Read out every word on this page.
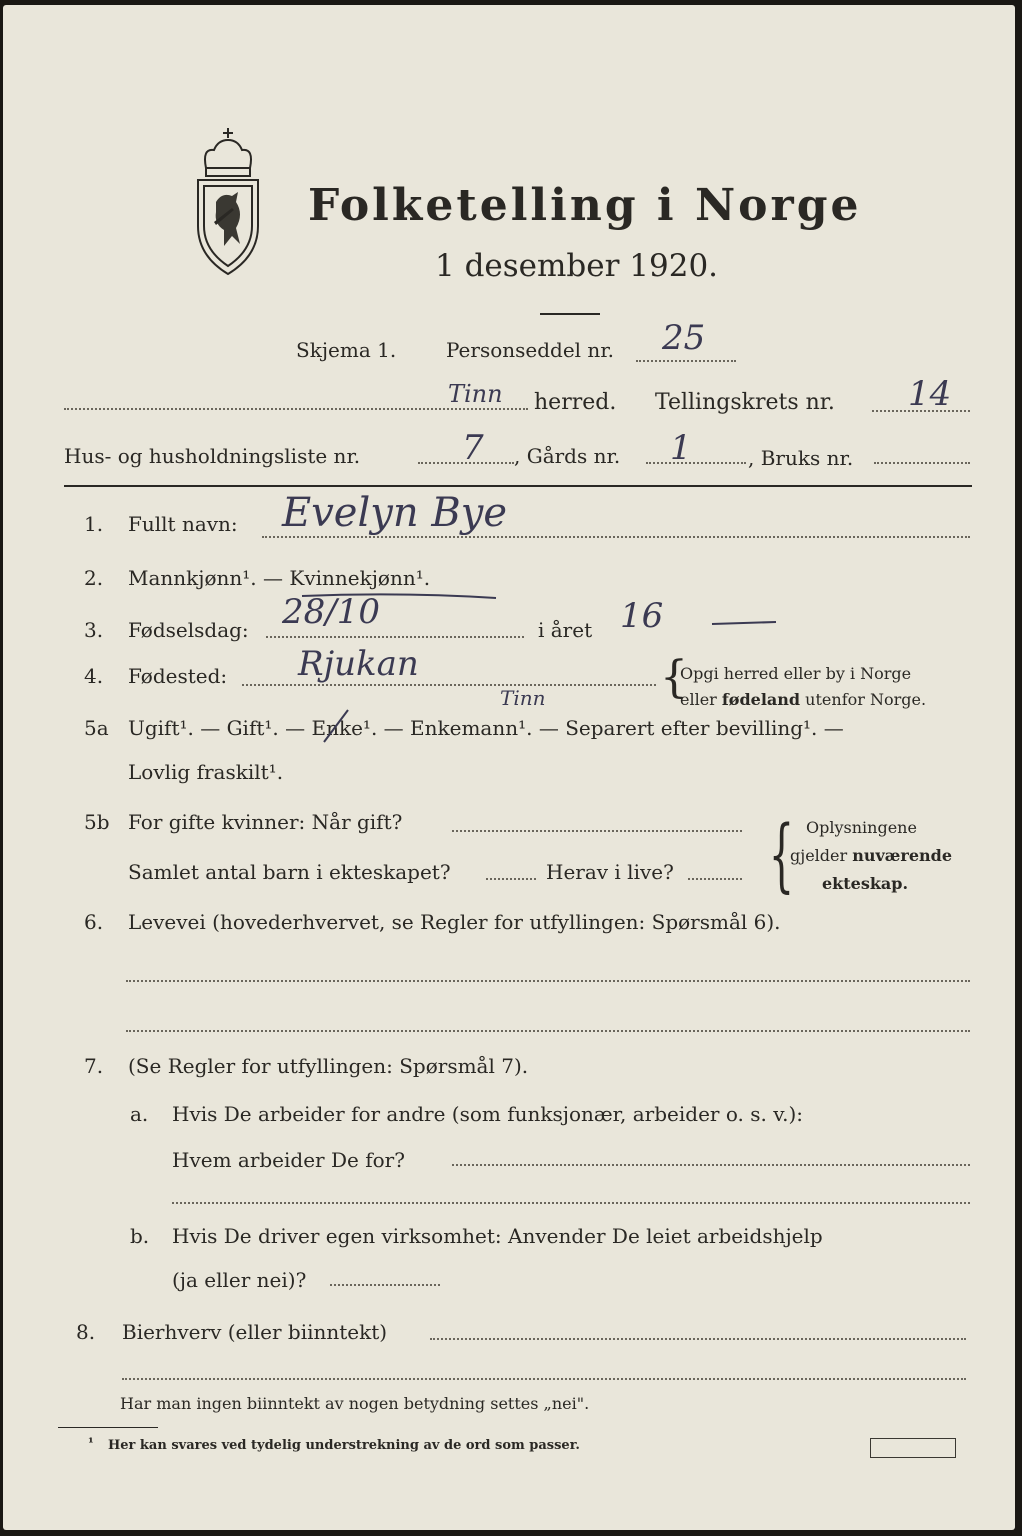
Folketelling i Norge
1 desember 1920.
Skjema 1. Personseddel nr. 25
Tinn herred. Tellingskrets nr. 14
Hus- og husholdningsliste nr.	7 , Gårds nr. 1	, Bruks nr.
1. Fullt navn: Evelyn Bye
2. Mannkjønn¹. — Kvinnekjønn¹.
3. Fødselsdag: 28/10	i året 16
4. Fødested: Rjukan
Tinn	{
Opgi herred eller by i Norge
eller fødeland utenfor Norge.
5a Ugift¹. — Gift¹. — Enke¹. — Enkemann¹. — Separert efter bevilling¹. —
Lovlig fraskilt¹.
5b For gifte kvinner: Når gift?
Samlet antal barn i ekteskapet?	Herav i live? { Oplysningene
gjelder nuværende
ekteskap.
6. Levevei (hovederhvervet, se Regler for utfyllingen: Spørsmål 6).
7. (Se Regler for utfyllingen: Spørsmål 7).
a. Hvis De arbeider for andre (som funksjonær, arbeider o. s. v.):
Hvem arbeider De for?
b. Hvis De driver egen virksomhet: Anvender De leiet arbeidshjelp
(ja eller nei)?
8. Bierhverv (eller biinntekt)
Har man ingen biinntekt av nogen betydning settes „nei".
¹ Her kan svares ved tydelig understrekning av de ord som passer.
